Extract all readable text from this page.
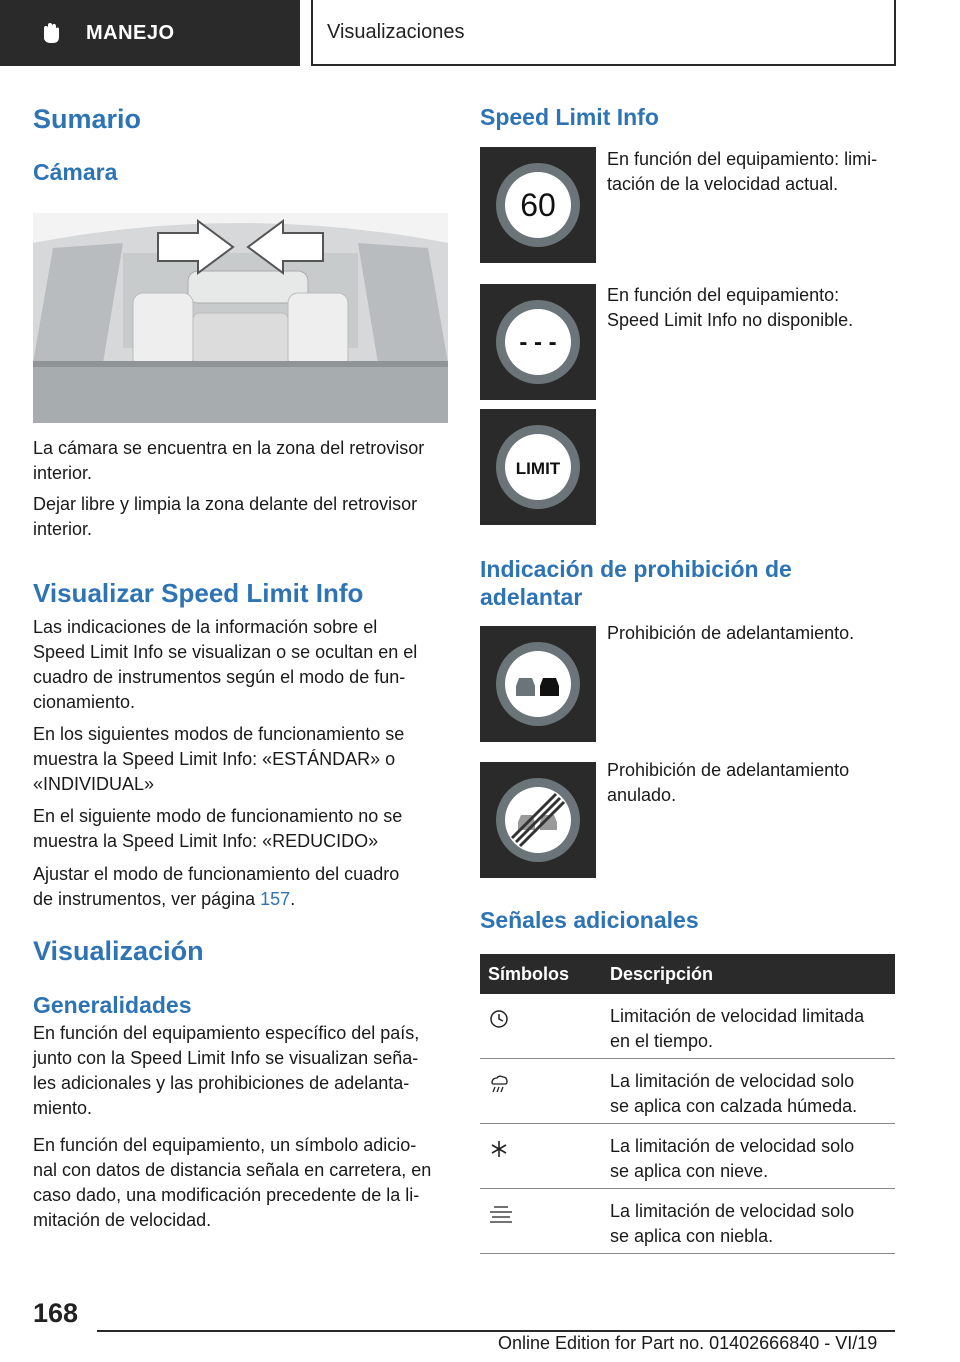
MANEJO	Visualizaciones
Sumario
Cámara
La cámara se encuentra en la zona del retrovisor
interior.
Dejar libre y limpia la zona delante del retrovisor
interior.
Visualizar Speed Limit Info
Las indicaciones de la información sobre el
Speed Limit Info se visualizan o se ocultan en el
cuadro de instrumentos según el modo de fun-
cionamiento.
En los siguientes modos de funcionamiento se
muestra la Speed Limit Info: «ESTÁNDAR» o
«INDIVIDUAL»
En el siguiente modo de funcionamiento no se
muestra la Speed Limit Info: «REDUCIDO»
Ajustar el modo de funcionamiento del cuadro
de instrumentos, ver página 157.
Visualización
Generalidades
En función del equipamiento específico del país,
junto con la Speed Limit Info se visualizan seña-
les adicionales y las prohibiciones de adelanta-
miento.
En función del equipamiento, un símbolo adicio-
nal con datos de distancia señala en carretera, en
caso dado, una modificación precedente de la li-
mitación de velocidad.
Speed Limit Info
60
En función del equipamiento: limi-
tación de la velocidad actual.
- - -
En función del equipamiento:
Speed Limit Info no disponible.
LIMIT
Indicación de prohibición de
adelantar
Prohibición de adelantamiento.
Prohibición de adelantamiento
anulado.
Señales adicionales
Símbolos	Descripción
Limitación de velocidad limitada
en el tiempo.
La limitación de velocidad solo
se aplica con calzada húmeda.
La limitación de velocidad solo
se aplica con nieve.
La limitación de velocidad solo
se aplica con niebla.
168
Online Edition for Part no. 01402666840 - VI/19
